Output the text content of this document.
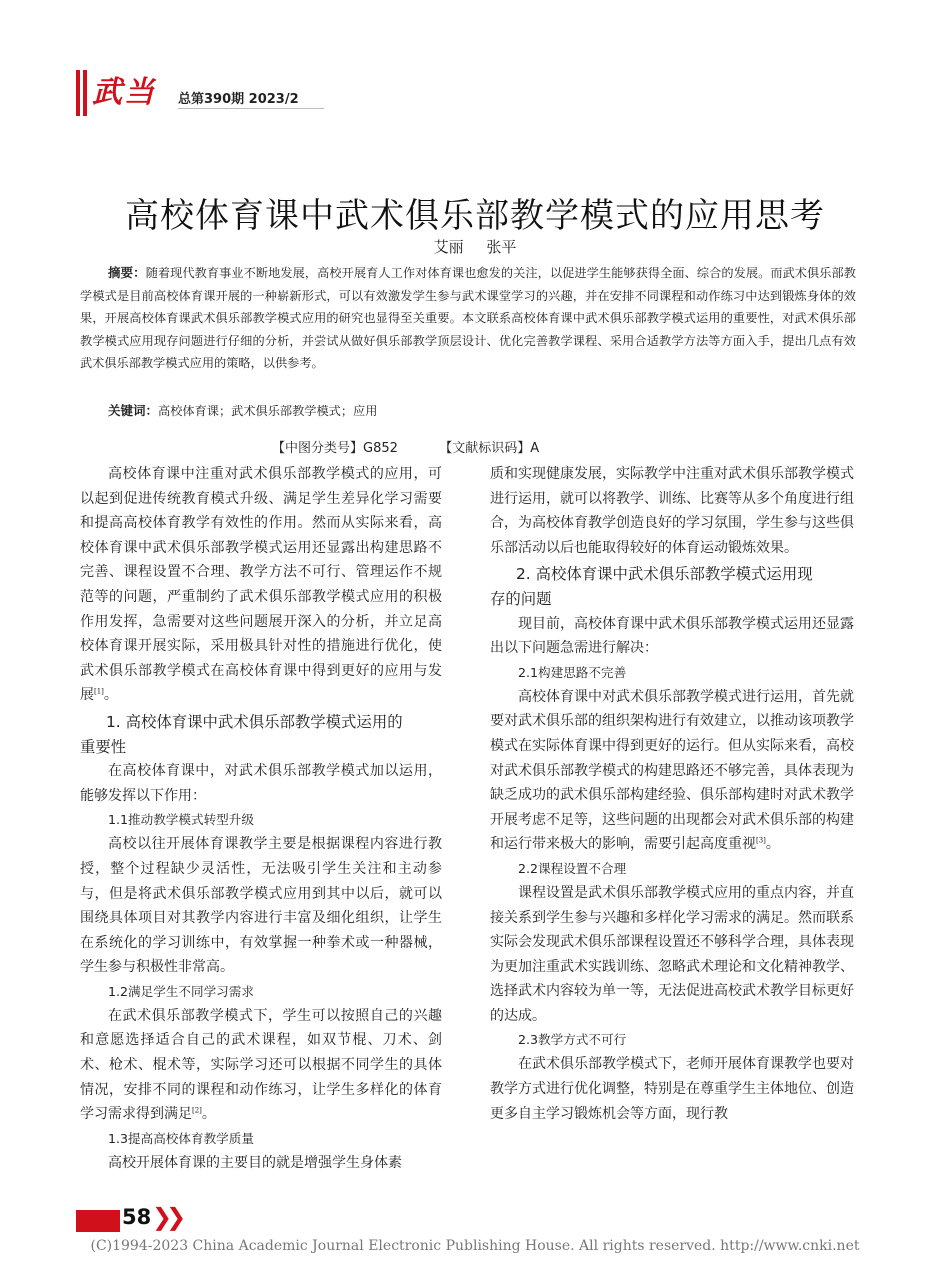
武当	总第390期 2023/2
高校体育课中武术俱乐部教学模式的应用思考
艾丽 张平
摘要：随着现代教育事业不断地发展，高校开展育人工作对体育课也愈发的关注，以促进学生能够获得全面、综合的发展。而武术俱乐部教学模式是目前高校体育课开展的一种崭新形式，可以有效激发学生参与武术课堂学习的兴趣，并在安排不同课程和动作练习中达到锻炼身体的效果，开展高校体育课武术俱乐部教学模式应用的研究也显得至关重要。本文联系高校体育课中武术俱乐部教学模式运用的重要性，对武术俱乐部教学模式应用现存问题进行仔细的分析，并尝试从做好俱乐部教学顶层设计、优化完善教学课程、采用合适教学方法等方面入手，提出几点有效武术俱乐部教学模式应用的策略，以供参考。
关键词：高校体育课；武术俱乐部教学模式；应用
【中图分类号】G852	【文献标识码】A

高校体育课中注重对武术俱乐部教学模式的应用，可以起到促进传统教育模式升级、满足学生差异化学习需要和提高高校体育教学有效性的作用。然而从实际来看，高校体育课中武术俱乐部教学模式运用还显露出构建思路不完善、课程设置不合理、教学方法不可行、管理运作不规范等的问题，严重制约了武术俱乐部教学模式应用的积极作用发挥，急需要对这些问题展开深入的分析，并立足高校体育课开展实际，采用极具针对性的措施进行优化，使武术俱乐部教学模式在高校体育课中得到更好的应用与发展[1]。

1. 高校体育课中武术俱乐部教学模式运用的
重要性

在高校体育课中，对武术俱乐部教学模式加以运用，能够发挥以下作用：

1.1推动教学模式转型升级

高校以往开展体育课教学主要是根据课程内容进行教授，整个过程缺少灵活性，无法吸引学生关注和主动参与，但是将武术俱乐部教学模式应用到其中以后，就可以围绕具体项目对其教学内容进行丰富及细化组织，让学生在系统化的学习训练中，有效掌握一种拳术或一种器械，学生参与积极性非常高。

1.2满足学生不同学习需求

在武术俱乐部教学模式下，学生可以按照自己的兴趣和意愿选择适合自己的武术课程，如双节棍、刀术、剑术、枪术、棍术等，实际学习还可以根据不同学生的具体情况，安排不同的课程和动作练习，让学生多样化的体育学习需求得到满足[2]。

1.3提高高校体育教学质量

高校开展体育课的主要目的就是增强学生身体素

质和实现健康发展，实际教学中注重对武术俱乐部教学模式进行运用，就可以将教学、训练、比赛等从多个角度进行组合，为高校体育教学创造良好的学习氛围，学生参与这些俱乐部活动以后也能取得较好的体育运动锻炼效果。

2. 高校体育课中武术俱乐部教学模式运用现
存的问题

现目前，高校体育课中武术俱乐部教学模式运用还显露出以下问题急需进行解决：

2.1构建思路不完善

高校体育课中对武术俱乐部教学模式进行运用，首先就要对武术俱乐部的组织架构进行有效建立，以推动该项教学模式在实际体育课中得到更好的运行。但从实际来看，高校对武术俱乐部教学模式的构建思路还不够完善，具体表现为缺乏成功的武术俱乐部构建经验、俱乐部构建时对武术教学开展考虑不足等，这些问题的出现都会对武术俱乐部的构建和运行带来极大的影响，需要引起高度重视[3]。

2.2课程设置不合理

课程设置是武术俱乐部教学模式应用的重点内容，并直接关系到学生参与兴趣和多样化学习需求的满足。然而联系实际会发现武术俱乐部课程设置还不够科学合理，具体表现为更加注重武术实践训练、忽略武术理论和文化精神教学、选择武术内容较为单一等，无法促进高校武术教学目标更好的达成。

2.3教学方式不可行

在武术俱乐部教学模式下，老师开展体育课教学也要对教学方式进行优化调整，特别是在尊重学生主体地位、创造更多自主学习锻炼机会等方面，现行教

58 ❯❯
(C)1994-2023 China Academic Journal Electronic Publishing House. All rights reserved. http://www.cnki.net
